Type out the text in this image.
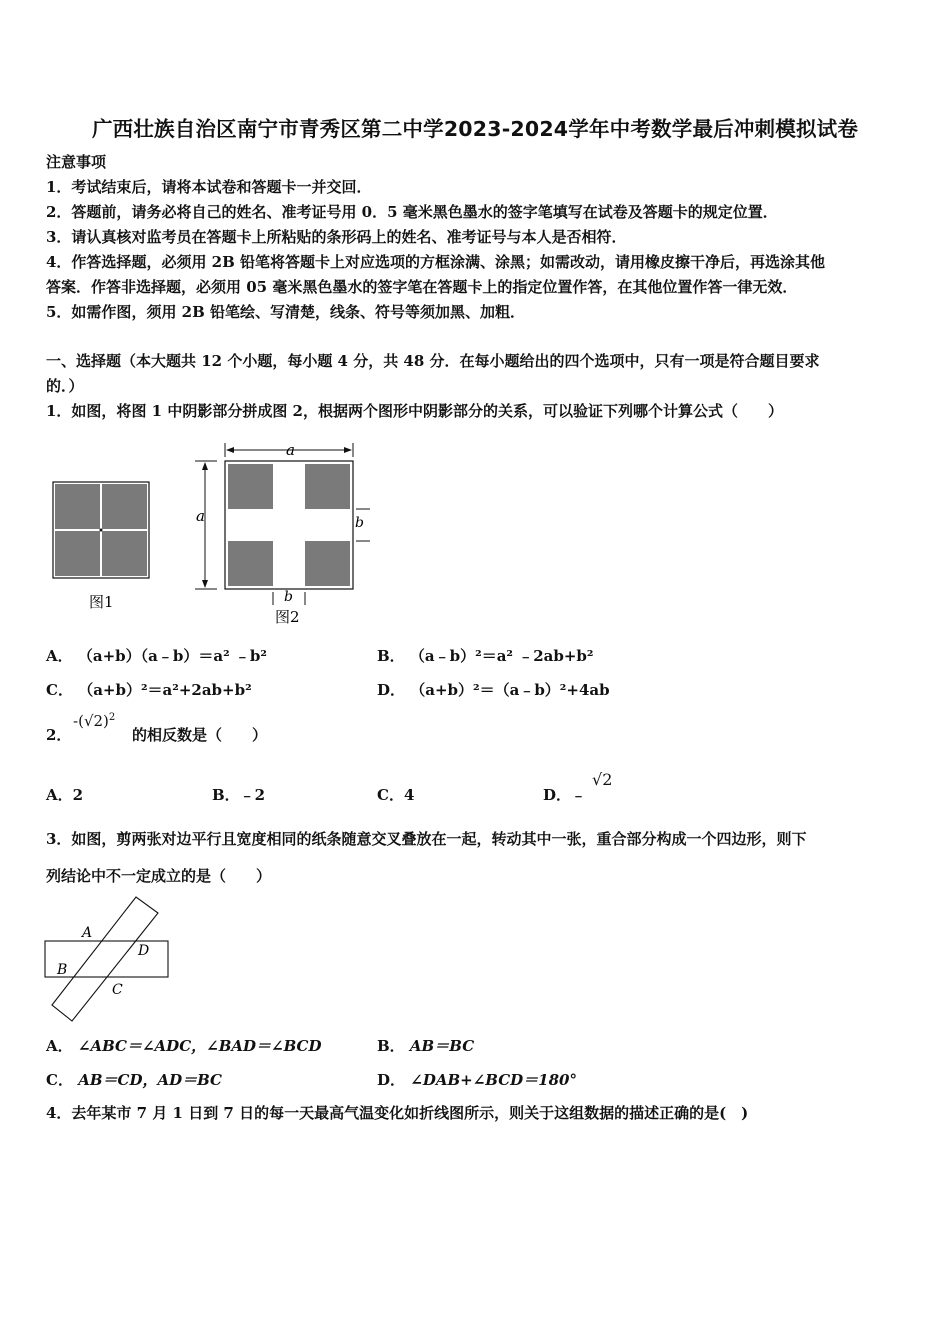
广西壮族自治区南宁市青秀区第二中学2023-2024学年中考数学最后冲刺模拟试卷
注意事项
1．考试结束后，请将本试卷和答题卡一并交回．
2．答题前，请务必将自己的姓名、准考证号用 0．5 毫米黑色墨水的签字笔填写在试卷及答题卡的规定位置．
3．请认真核对监考员在答题卡上所粘贴的条形码上的姓名、准考证号与本人是否相符．
4．作答选择题，必须用 2B 铅笔将答题卡上对应选项的方框涂满、涂黑；如需改动，请用橡皮擦干净后，再选涂其他
答案．作答非选择题，必须用 05 毫米黑色墨水的签字笔在答题卡上的指定位置作答，在其他位置作答一律无效．
5．如需作图，须用 2B 铅笔绘、写清楚，线条、符号等须加黑、加粗．
一、选择题（本大题共 12 个小题，每小题 4 分，共 48 分．在每小题给出的四个选项中，只有一项是符合题目要求
的．）
1．如图，将图 1 中阴影部分拼成图 2，根据两个图形中阴影部分的关系，可以验证下列哪个计算公式（　　）
图1
a
a	b
b
图2
A． （a+b）（a﹣b）＝a² ﹣b²	B． （a﹣b）²＝a² ﹣2ab+b²
C． （a+b）²＝a²+2ab+b²	D． （a+b）²＝（a﹣b）²+4ab
2．
$-(√2)^2$
的相反数是（　　）
A．2	B．﹣2	C．4	D．﹣
√2
3．如图，剪两张对边平行且宽度相同的纸条随意交叉叠放在一起，转动其中一张，重合部分构成一个四边形，则下
列结论中不一定成立的是（　　）
A
B
C
D
A． ∠ABC＝∠ADC，∠BAD＝∠BCD	B． AB＝BC
C． AB＝CD，AD＝BC	D． ∠DAB+∠BCD＝180°
4．去年某市 7 月 1 日到 7 日的每一天最高气温变化如折线图所示，则关于这组数据的描述正确的是(　)
